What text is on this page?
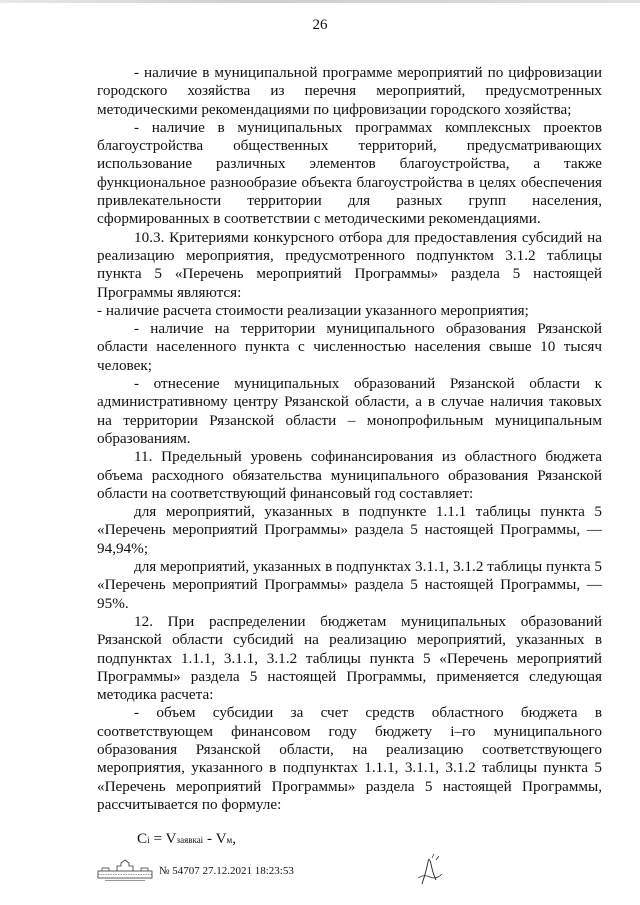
26

- наличие в муниципальной программе мероприятий по цифровизации городского хозяйства из перечня мероприятий, предусмотренных методическими рекомендациями по цифровизации городского хозяйства;

- наличие в муниципальных программах комплексных проектов благоустройства общественных территорий, предусматривающих использование различных элементов благоустройства, а также функциональное разнообразие объекта благоустройства в целях обеспечения привлекательности территории для разных групп населения, сформированных в соответствии с методическими рекомендациями.

10.3. Критериями конкурсного отбора для предоставления субсидий на реализацию мероприятия, предусмотренного подпунктом 3.1.2 таблицы пункта 5 «Перечень мероприятий Программы» раздела 5 настоящей Программы являются:

- наличие расчета стоимости реализации указанного мероприятия;

- наличие на территории муниципального образования Рязанской области населенного пункта с численностью населения свыше 10 тысяч человек;

- отнесение муниципальных образований Рязанской области к административному центру Рязанской области, а в случае наличия таковых на территории Рязанской области – монопрофильным муниципальным образованиям.

11. Предельный уровень софинансирования из областного бюджета объема расходного обязательства муниципального образования Рязанской области на соответствующий финансовый год составляет:

для мероприятий, указанных в подпункте 1.1.1 таблицы пункта 5 «Перечень мероприятий Программы» раздела 5 настоящей Программы, — 94,94%;

для мероприятий, указанных в подпунктах 3.1.1, 3.1.2 таблицы пункта 5 «Перечень мероприятий Программы» раздела 5 настоящей Программы, — 95%.

12. При распределении бюджетам муниципальных образований Рязанской области субсидий на реализацию мероприятий, указанных в подпунктах 1.1.1, 3.1.1, 3.1.2 таблицы пункта 5 «Перечень мероприятий Программы» раздела 5 настоящей Программы, применяется следующая методика расчета:

- объем субсидии за счет средств областного бюджета в соответствующем финансовом году бюджету i–го муниципального образования Рязанской области, на реализацию соответствующего мероприятия, указанного в подпунктах 1.1.1, 3.1.1, 3.1.2 таблицы пункта 5 «Перечень мероприятий Программы» раздела 5 настоящей Программы, рассчитывается по формуле:

Ci = Vзаявкаi - Vм,

№ 54707 27.12.2021 18:23:53
